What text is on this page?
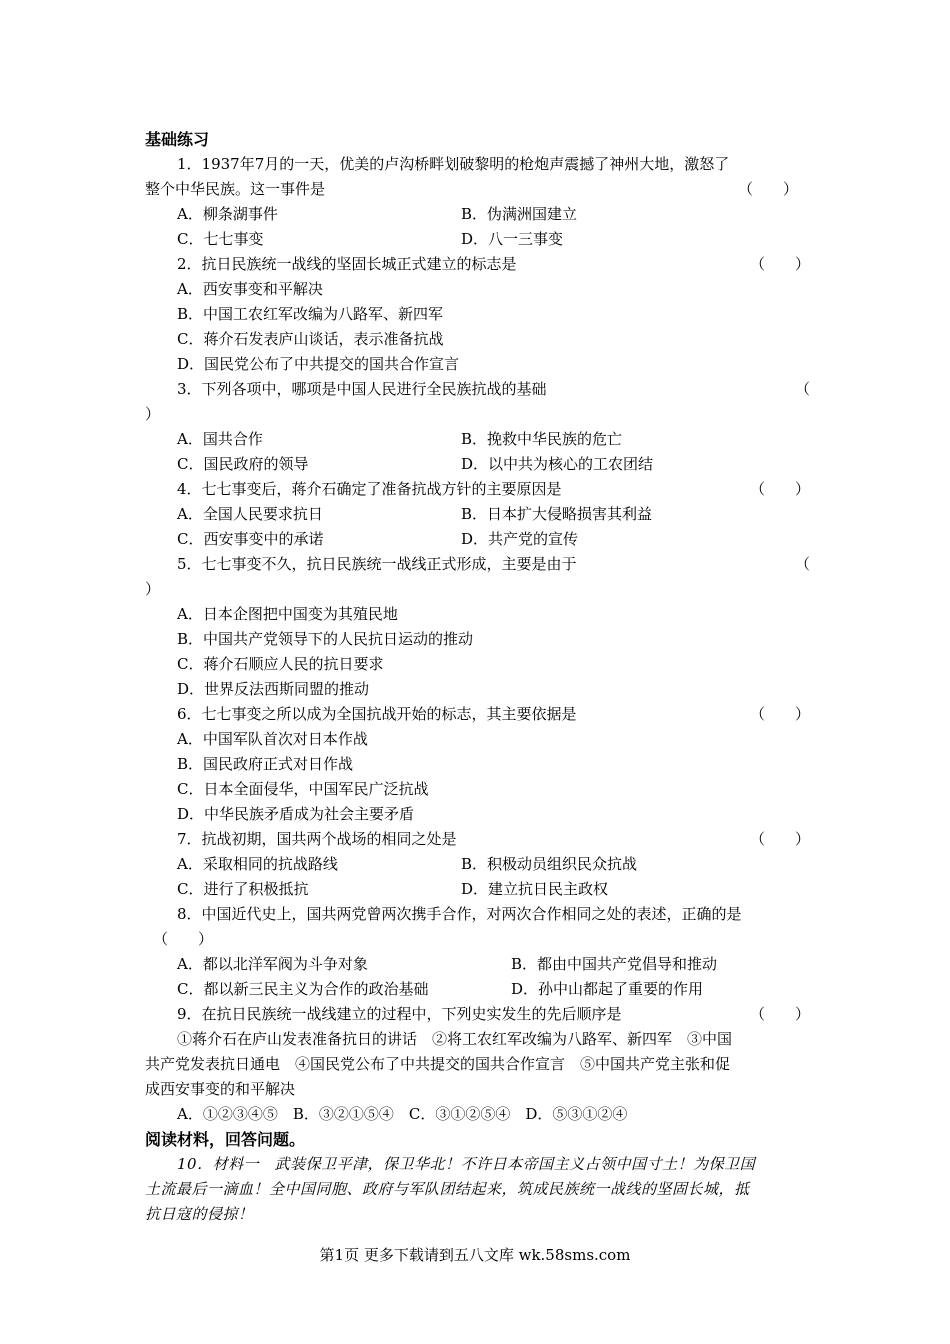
基础练习
1．1937年7月的一天，优美的卢沟桥畔划破黎明的枪炮声震撼了神州大地，激怒了
整个中华民族。这一事件是	（　　）
A．柳条湖事件	B．伪满洲国建立
C．七七事变	D．八一三事变
2．抗日民族统一战线的坚固长城正式建立的标志是	（　　）
A．西安事变和平解决
B．中国工农红军改编为八路军、新四军
C．蒋介石发表庐山谈话，表示准备抗战
D．国民党公布了中共提交的国共合作宣言
3．下列各项中，哪项是中国人民进行全民族抗战的基础	（
）
A．国共合作	B．挽救中华民族的危亡
C．国民政府的领导	D．以中共为核心的工农团结
4．七七事变后，蒋介石确定了准备抗战方针的主要原因是	（　　）
A．全国人民要求抗日	B．日本扩大侵略损害其利益
C．西安事变中的承诺	D．共产党的宣传
5．七七事变不久，抗日民族统一战线正式形成，主要是由于	（
）
A．日本企图把中国变为其殖民地
B．中国共产党领导下的人民抗日运动的推动
C．蒋介石顺应人民的抗日要求
D．世界反法西斯同盟的推动
6．七七事变之所以成为全国抗战开始的标志，其主要依据是	（　　）
A．中国军队首次对日本作战
B．国民政府正式对日作战
C．日本全面侵华，中国军民广泛抗战
D．中华民族矛盾成为社会主要矛盾
7．抗战初期，国共两个战场的相同之处是	（　　）
A．采取相同的抗战路线	B．积极动员组织民众抗战
C．进行了积极抵抗	D．建立抗日民主政权
8．中国近代史上，国共两党曾两次携手合作，对两次合作相同之处的表述，正确的是
（　　）
A．都以北洋军阀为斗争对象	B．都由中国共产党倡导和推动
C．都以新三民主义为合作的政治基础	D．孙中山都起了重要的作用
9．在抗日民族统一战线建立的过程中，下列史实发生的先后顺序是	（　　）
①蒋介石在庐山发表准备抗日的讲话　②将工农红军改编为八路军、新四军　③中国
共产党发表抗日通电　④国民党公布了中共提交的国共合作宣言　⑤中国共产党主张和促
成西安事变的和平解决
A．①②③④⑤　B．③②①⑤④　C．③①②⑤④　D．⑤③①②④
阅读材料，回答问题。
10．材料一　武装保卫平津，保卫华北！不许日本帝国主义占领中国寸土！为保卫国
土流最后一滴血！全中国同胞、政府与军队团结起来，筑成民族统一战线的坚固长城，抵
抗日寇的侵掠！
第1页 更多下载请到五八文库 wk.58sms.com
